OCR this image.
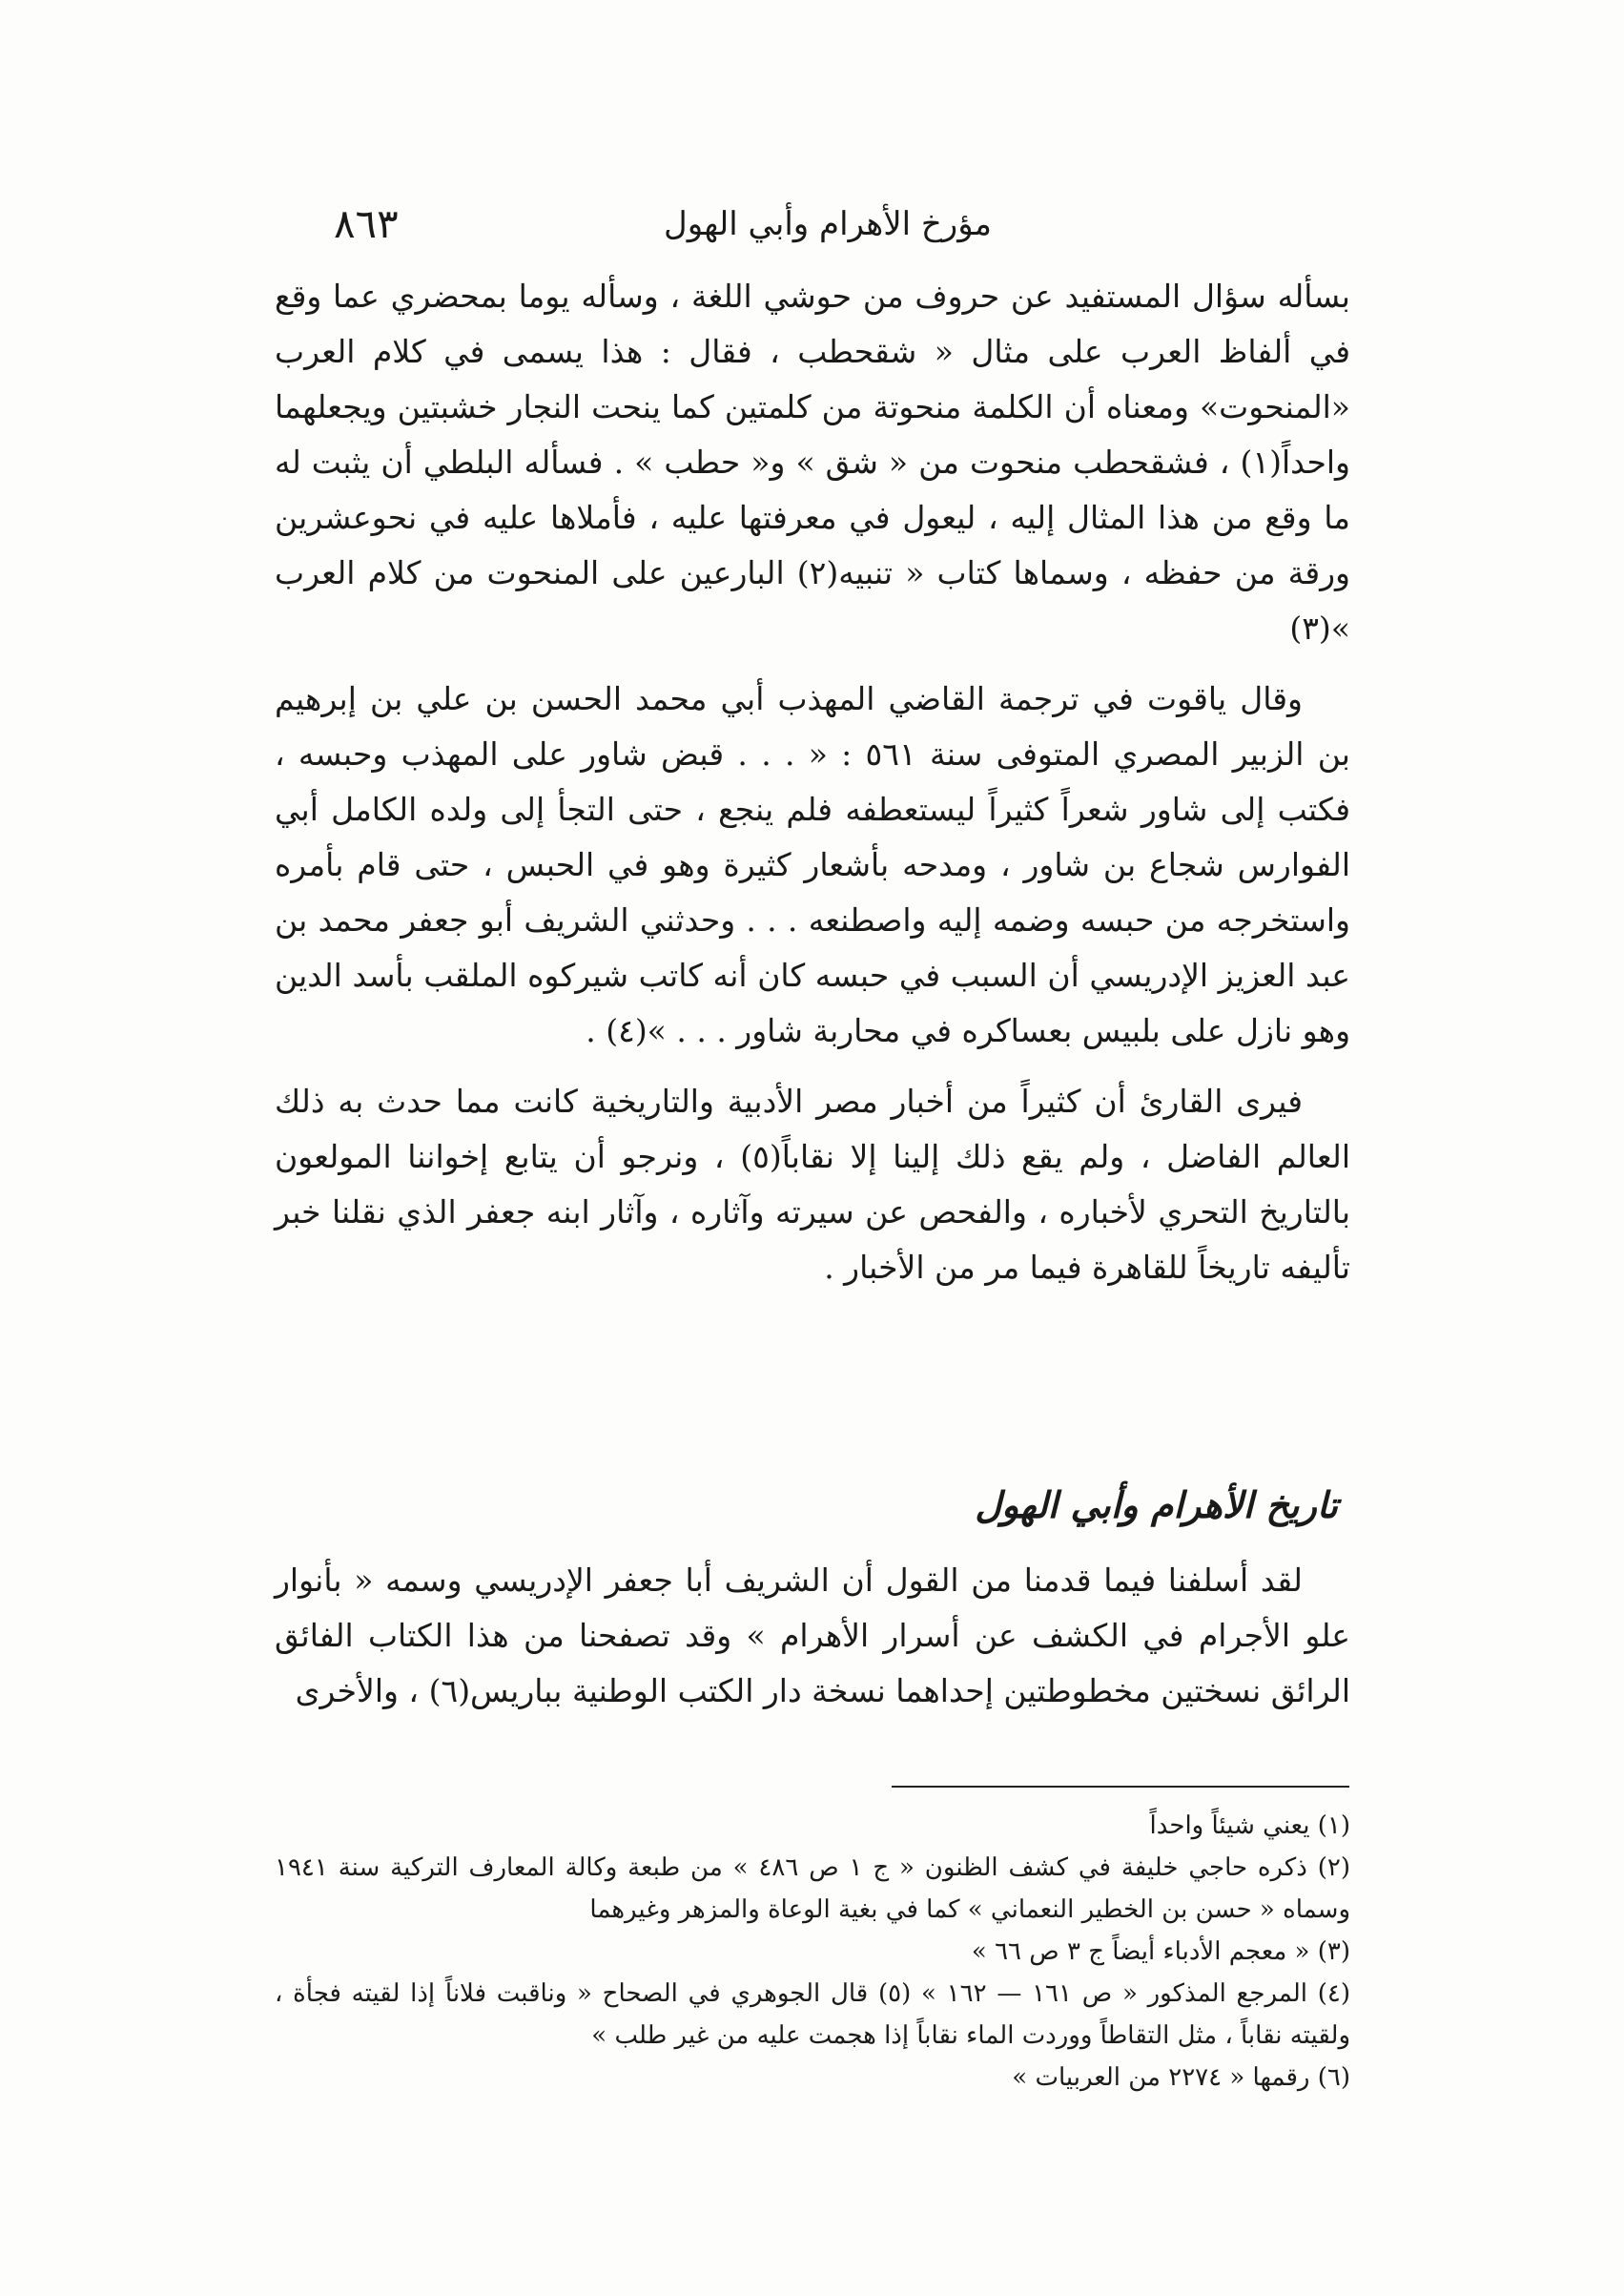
مؤرخ الأهرام وأبي الهول
٨٦٣

بسأله سؤال المستفيد عن حروف من حوشي اللغة ، وسأله يوما بمحضري عما وقع في ألفاظ العرب على مثال « شقحطب ، فقال : هذا يسمى في كلام العرب «المنحوت» ومعناه أن الكلمة منحوتة من كلمتين كما ينحت النجار خشبتين ويجعلهما واحداً(١) ، فشقحطب منحوت من « شق » و« حطب » . فسأله البلطي أن يثبت له ما وقع من هذا المثال إليه ، ليعول في معرفتها عليه ، فأملاها عليه في نحوعشرين ورقة من حفظه ، وسماها كتاب « تنبيه(٢) البارعين على المنحوت من كلام العرب »(٣)

وقال ياقوت في ترجمة القاضي المهذب أبي محمد الحسن بن علي بن إبرهيم بن الزبير المصري المتوفى سنة ٥٦١ : « . . . قبض شاور على المهذب وحبسه ، فكتب إلى شاور شعراً كثيراً ليستعطفه فلم ينجع ، حتى التجأ إلى ولده الكامل أبي الفوارس شجاع بن شاور ، ومدحه بأشعار كثيرة وهو في الحبس ، حتى قام بأمره واستخرجه من حبسه وضمه إليه واصطنعه . . . وحدثني الشريف أبو جعفر محمد بن عبد العزيز الإدريسي أن السبب في حبسه كان أنه كاتب شيركوه الملقب بأسد الدين وهو نازل على بلبيس بعساكره في محاربة شاور . . . »(٤) .

فيرى القارئ أن كثيراً من أخبار مصر الأدبية والتاريخية كانت مما حدث به ذلك العالم الفاضل ، ولم يقع ذلك إلينا إلا نقاباً(٥) ، ونرجو أن يتابع إخواننا المولعون بالتاريخ التحري لأخباره ، والفحص عن سيرته وآثاره ، وآثار ابنه جعفر الذي نقلنا خبر تأليفه تاريخاً للقاهرة فيما مر من الأخبار .

تاريخ الأهرام وأبي الهول

لقد أسلفنا فيما قدمنا من القول أن الشريف أبا جعفر الإدريسي وسمه « بأنوار علو الأجرام في الكشف عن أسرار الأهرام » وقد تصفحنا من هذا الكتاب الفائق الرائق نسختين مخطوطتين إحداهما نسخة دار الكتب الوطنية بباريس(٦) ، والأخرى

(١) يعني شيئاً واحداً

(٢) ذكره حاجي خليفة في كشف الظنون « ج ١ ص ٤٨٦ » من طبعة وكالة المعارف التركية سنة ١٩٤١ وسماه « حسن بن الخطير النعماني » كما في بغية الوعاة والمزهر وغيرهما

(٣) « معجم الأدباء أيضاً ج ٣ ص ٦٦ »

(٤) المرجع المذكور « ص ١٦١ — ١٦٢ » (٥) قال الجوهري في الصحاح « وناقبت فلاناً إذا لقيته فجأة ، ولقيته نقاباً ، مثل التقاطاً ووردت الماء نقاباً إذا هجمت عليه من غير طلب »

(٦) رقمها « ٢٢٧٤ من العربيات »
